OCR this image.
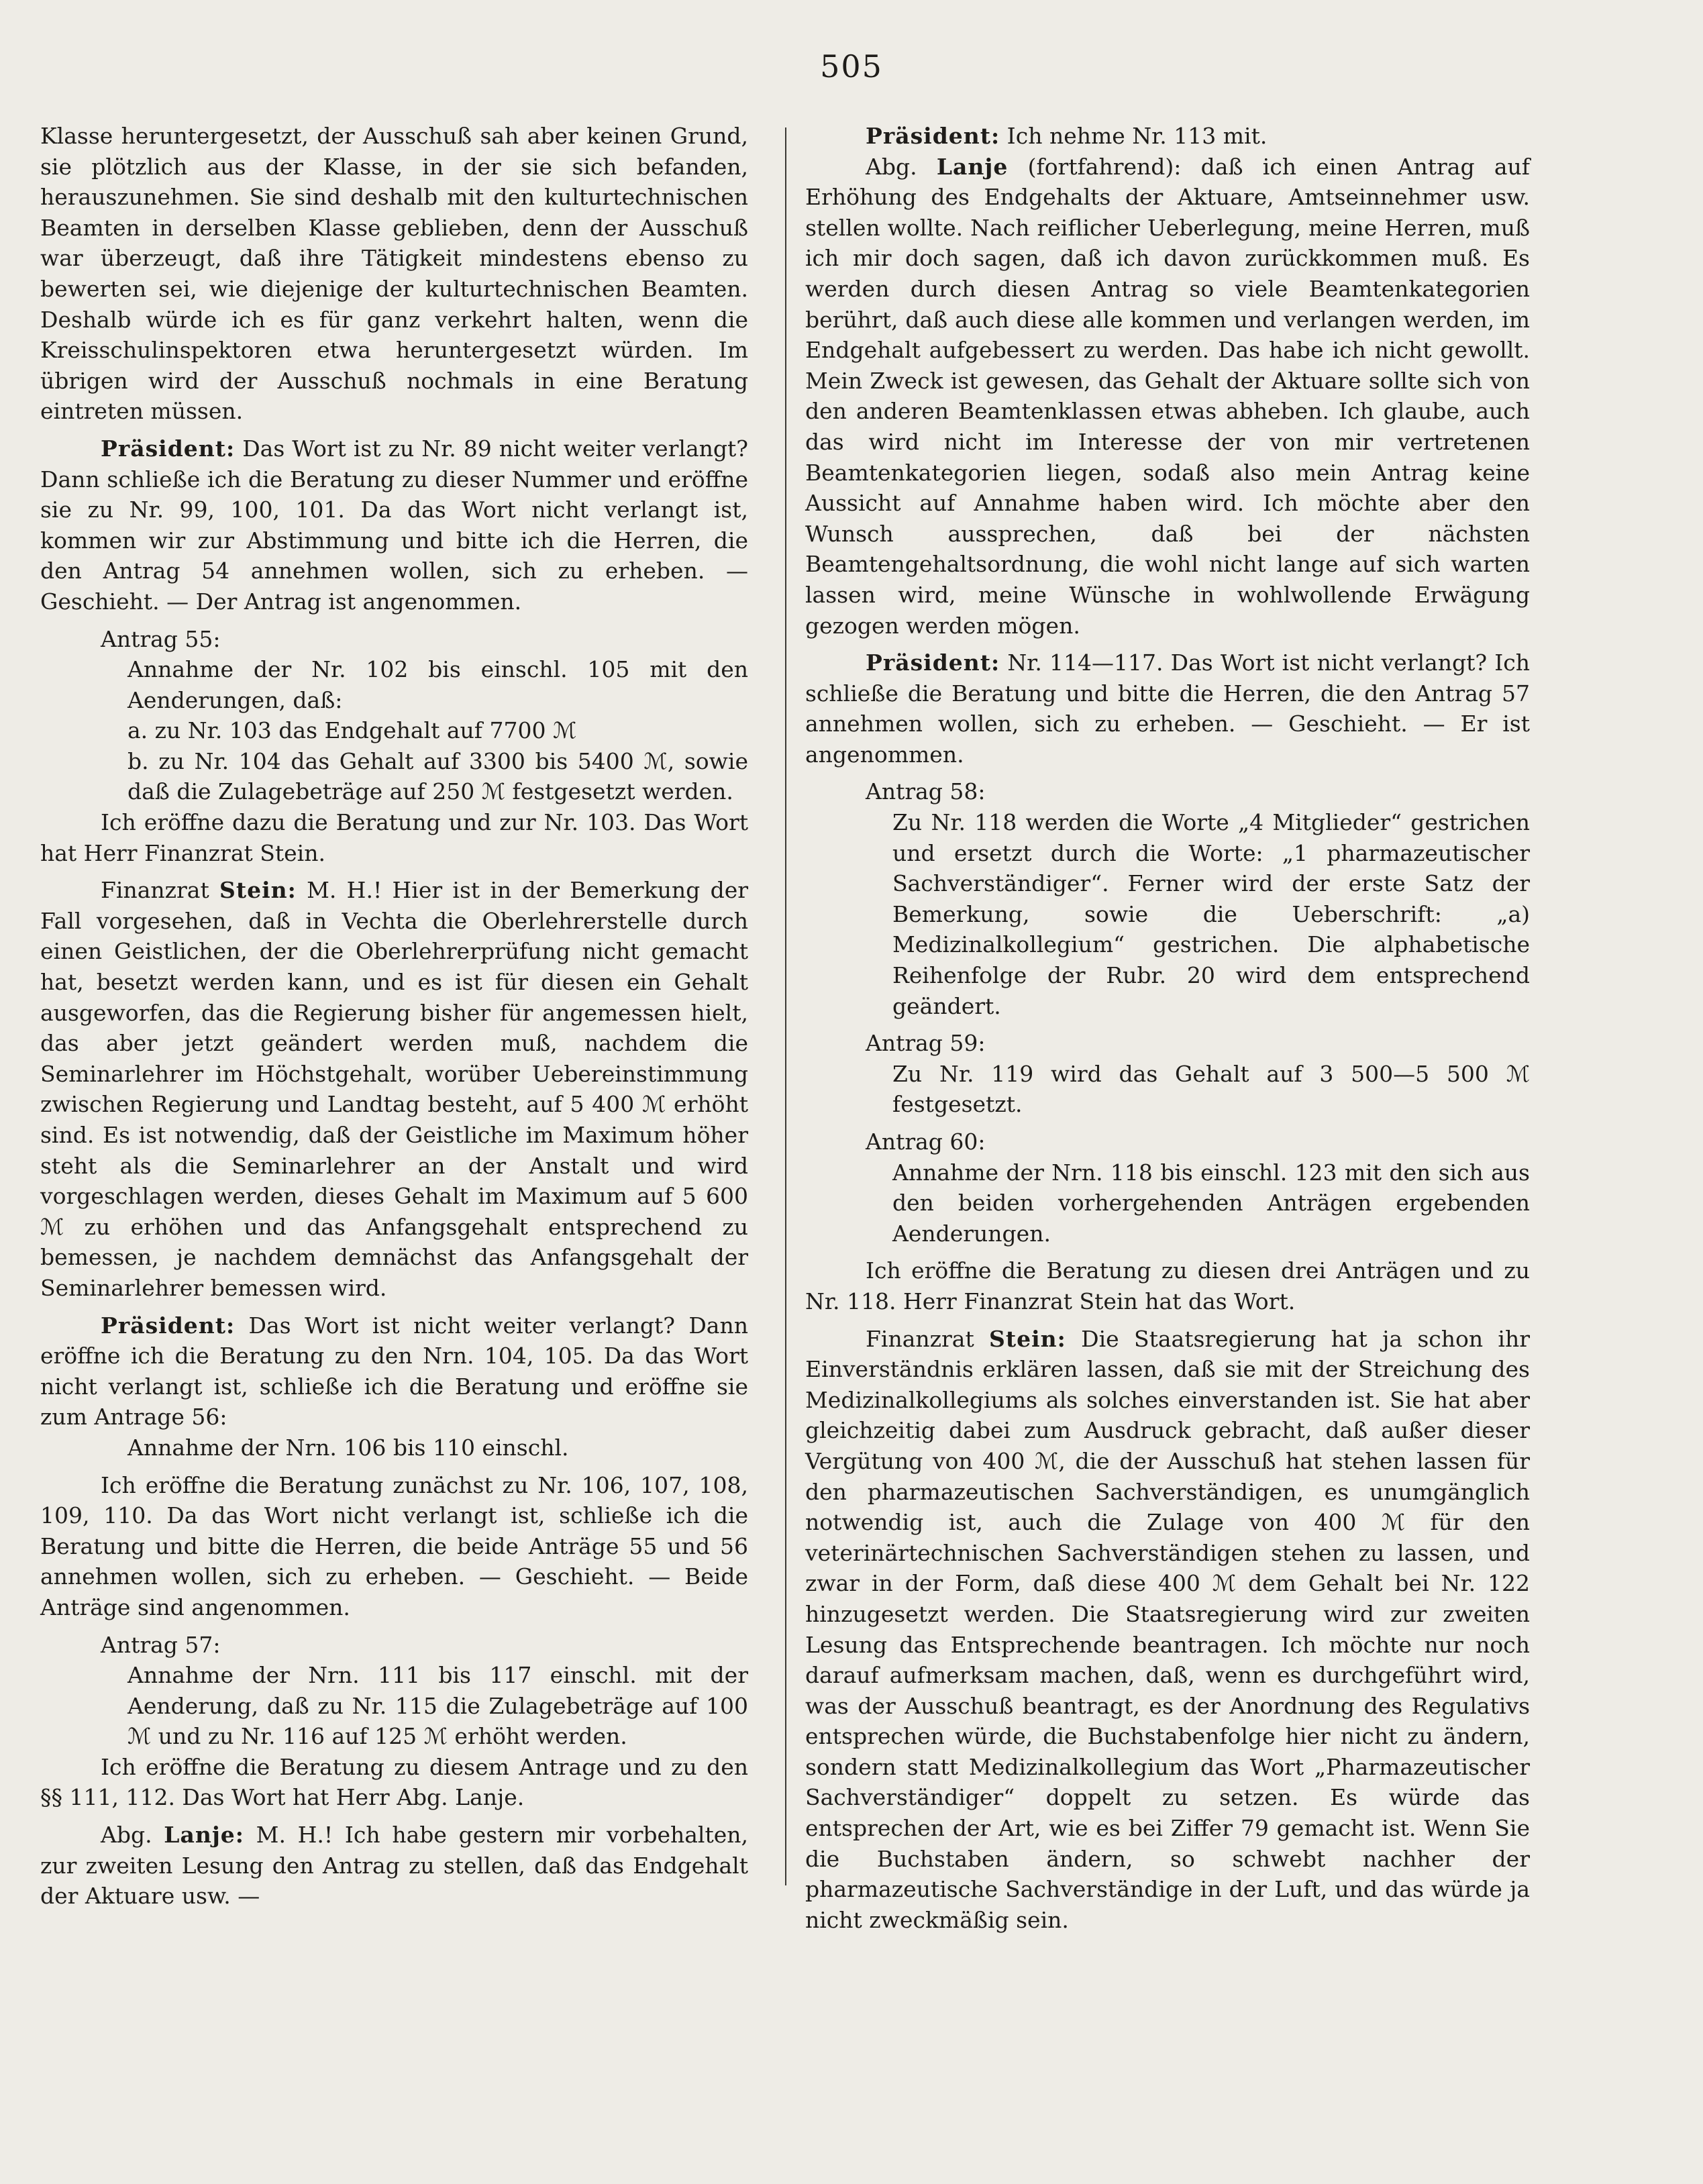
505

Klasse heruntergesetzt, der Ausschuß sah aber keinen Grund, sie plötzlich aus der Klasse, in der sie sich befanden, herauszunehmen. Sie sind deshalb mit den kulturtechnischen Beamten in derselben Klasse geblieben, denn der Ausschuß war überzeugt, daß ihre Tätigkeit mindestens ebenso zu bewerten sei, wie diejenige der kulturtechnischen Beamten. Deshalb würde ich es für ganz verkehrt halten, wenn die Kreisschulinspektoren etwa heruntergesetzt würden. Im übrigen wird der Ausschuß nochmals in eine Beratung eintreten müssen.

Präsident: Das Wort ist zu Nr. 89 nicht weiter verlangt? Dann schließe ich die Beratung zu dieser Nummer und eröffne sie zu Nr. 99, 100, 101. Da das Wort nicht verlangt ist, kommen wir zur Abstimmung und bitte ich die Herren, die den Antrag 54 annehmen wollen, sich zu erheben. — Geschieht. — Der Antrag ist angenommen.

Antrag 55:

Annahme der Nr. 102 bis einschl. 105 mit den Aenderungen, daß:

a. zu Nr. 103 das Endgehalt auf 7700 ℳ

b. zu Nr. 104 das Gehalt auf 3300 bis 5400 ℳ, sowie daß die Zulagebeträge auf 250 ℳ festgesetzt werden.

Ich eröffne dazu die Beratung und zur Nr. 103. Das Wort hat Herr Finanzrat Stein.

Finanzrat Stein: M. H.! Hier ist in der Bemerkung der Fall vorgesehen, daß in Vechta die Oberlehrerstelle durch einen Geistlichen, der die Oberlehrerprüfung nicht gemacht hat, besetzt werden kann, und es ist für diesen ein Gehalt ausgeworfen, das die Regierung bisher für angemessen hielt, das aber jetzt geändert werden muß, nachdem die Seminarlehrer im Höchstgehalt, worüber Uebereinstimmung zwischen Regierung und Landtag besteht, auf 5 400 ℳ erhöht sind. Es ist notwendig, daß der Geistliche im Maximum höher steht als die Seminarlehrer an der Anstalt und wird vorgeschlagen werden, dieses Gehalt im Maximum auf 5 600 ℳ zu erhöhen und das Anfangsgehalt entsprechend zu bemessen, je nachdem demnächst das Anfangsgehalt der Seminarlehrer bemessen wird.

Präsident: Das Wort ist nicht weiter verlangt? Dann eröffne ich die Beratung zu den Nrn. 104, 105. Da das Wort nicht verlangt ist, schließe ich die Beratung und eröffne sie zum Antrage 56:

Annahme der Nrn. 106 bis 110 einschl.

Ich eröffne die Beratung zunächst zu Nr. 106, 107, 108, 109, 110. Da das Wort nicht verlangt ist, schließe ich die Beratung und bitte die Herren, die beide Anträge 55 und 56 annehmen wollen, sich zu erheben. — Geschieht. — Beide Anträge sind angenommen.

Antrag 57:

Annahme der Nrn. 111 bis 117 einschl. mit der Aenderung, daß zu Nr. 115 die Zulagebeträge auf 100 ℳ und zu Nr. 116 auf 125 ℳ erhöht werden.

Ich eröffne die Beratung zu diesem Antrage und zu den §§ 111, 112. Das Wort hat Herr Abg. Lanje.

Abg. Lanje: M. H.! Ich habe gestern mir vorbehalten, zur zweiten Lesung den Antrag zu stellen, daß das Endgehalt der Aktuare usw. —

Präsident: Ich nehme Nr. 113 mit.

Abg. Lanje (fortfahrend): daß ich einen Antrag auf Erhöhung des Endgehalts der Aktuare, Amtseinnehmer usw. stellen wollte. Nach reiflicher Ueberlegung, meine Herren, muß ich mir doch sagen, daß ich davon zurückkommen muß. Es werden durch diesen Antrag so viele Beamtenkategorien berührt, daß auch diese alle kommen und verlangen werden, im Endgehalt aufgebessert zu werden. Das habe ich nicht gewollt. Mein Zweck ist gewesen, das Gehalt der Aktuare sollte sich von den anderen Beamtenklassen etwas abheben. Ich glaube, auch das wird nicht im Interesse der von mir vertretenen Beamtenkategorien liegen, sodaß also mein Antrag keine Aussicht auf Annahme haben wird. Ich möchte aber den Wunsch aussprechen, daß bei der nächsten Beamtengehaltsordnung, die wohl nicht lange auf sich warten lassen wird, meine Wünsche in wohlwollende Erwägung gezogen werden mögen.

Präsident: Nr. 114—117. Das Wort ist nicht verlangt? Ich schließe die Beratung und bitte die Herren, die den Antrag 57 annehmen wollen, sich zu erheben. — Geschieht. — Er ist angenommen.

Antrag 58:

Zu Nr. 118 werden die Worte „4 Mitglieder“ gestrichen und ersetzt durch die Worte: „1 pharmazeutischer Sachverständiger“. Ferner wird der erste Satz der Bemerkung, sowie die Ueberschrift: „a) Medizinalkollegium“ gestrichen. Die alphabetische Reihenfolge der Rubr. 20 wird dem entsprechend geändert.

Antrag 59:

Zu Nr. 119 wird das Gehalt auf 3 500—5 500 ℳ festgesetzt.

Antrag 60:

Annahme der Nrn. 118 bis einschl. 123 mit den sich aus den beiden vorhergehenden Anträgen ergebenden Aenderungen.

Ich eröffne die Beratung zu diesen drei Anträgen und zu Nr. 118. Herr Finanzrat Stein hat das Wort.

Finanzrat Stein: Die Staatsregierung hat ja schon ihr Einverständnis erklären lassen, daß sie mit der Streichung des Medizinalkollegiums als solches einverstanden ist. Sie hat aber gleichzeitig dabei zum Ausdruck gebracht, daß außer dieser Vergütung von 400 ℳ, die der Ausschuß hat stehen lassen für den pharmazeutischen Sachverständigen, es unumgänglich notwendig ist, auch die Zulage von 400 ℳ für den veterinärtechnischen Sachverständigen stehen zu lassen, und zwar in der Form, daß diese 400 ℳ dem Gehalt bei Nr. 122 hinzugesetzt werden. Die Staatsregierung wird zur zweiten Lesung das Entsprechende beantragen. Ich möchte nur noch darauf aufmerksam machen, daß, wenn es durchgeführt wird, was der Ausschuß beantragt, es der Anordnung des Regulativs entsprechen würde, die Buchstabenfolge hier nicht zu ändern, sondern statt Medizinalkollegium das Wort „Pharmazeutischer Sachverständiger“ doppelt zu setzen. Es würde das entsprechen der Art, wie es bei Ziffer 79 gemacht ist. Wenn Sie die Buchstaben ändern, so schwebt nachher der pharmazeutische Sachverständige in der Luft, und das würde ja nicht zweckmäßig sein.
